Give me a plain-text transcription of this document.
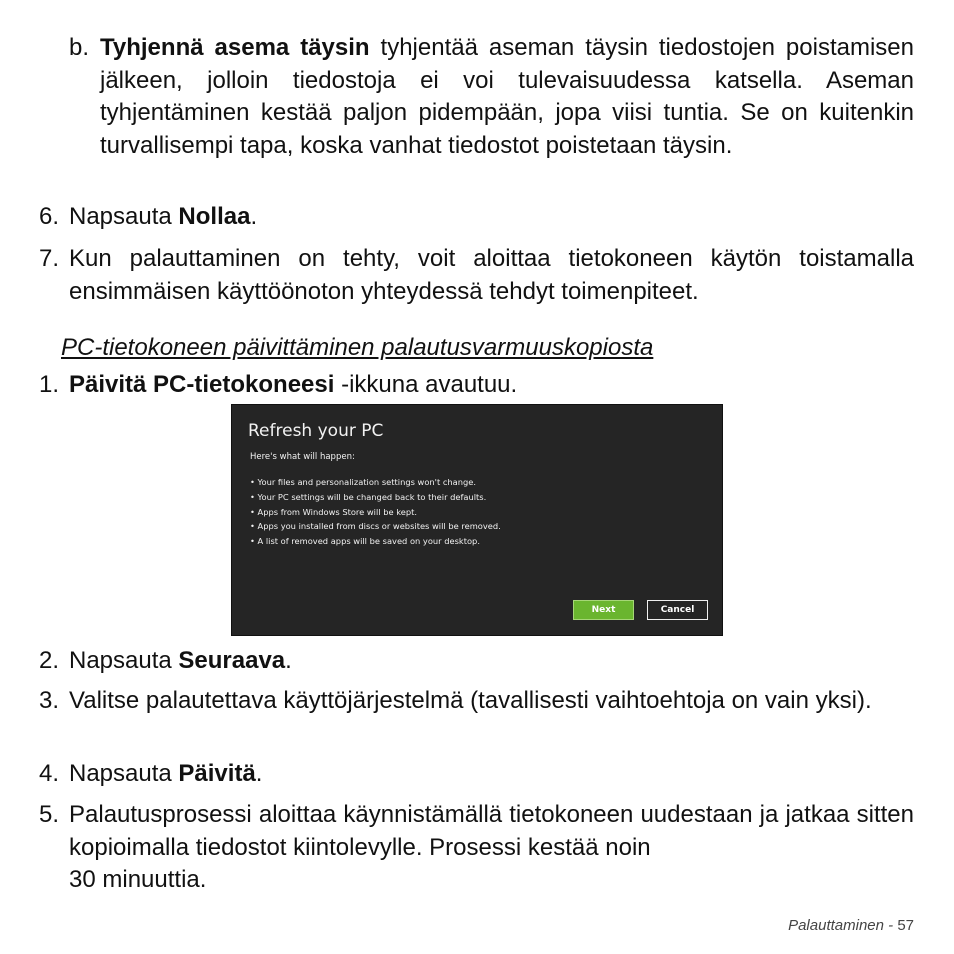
b. Tyhjennä asema täysin tyhjentää aseman täysin tiedostojen poistamisen jälkeen, jolloin tiedostoja ei voi tulevaisuudessa katsella. Aseman tyhjentäminen kestää paljon pidempään, jopa viisi tuntia. Se on kuitenkin turvallisempi tapa, koska vanhat tiedostot poistetaan täysin.
6. Napsauta Nollaa.
7. Kun palauttaminen on tehty, voit aloittaa tietokoneen käytön toistamalla ensimmäisen käyttöönoton yhteydessä tehdyt toimenpiteet.
PC-tietokoneen päivittäminen palautusvarmuuskopiosta
1. Päivitä PC-tietokoneesi -ikkuna avautuu.
Refresh your PC
Here's what will happen:
• Your files and personalization settings won't change.
• Your PC settings will be changed back to their defaults.
• Apps from Windows Store will be kept.
• Apps you installed from discs or websites will be removed.
• A list of removed apps will be saved on your desktop.
Next	Cancel
2. Napsauta Seuraava.
3. Valitse palautettava käyttöjärjestelmä (tavallisesti vaihtoehtoja on vain yksi).
4. Napsauta Päivitä.
5. Palautusprosessi aloittaa käynnistämällä tietokoneen uudestaan ja jatkaa sitten kopioimalla tiedostot kiintolevylle. Prosessi kestää noin

30 minuuttia.

Palauttaminen - 57
